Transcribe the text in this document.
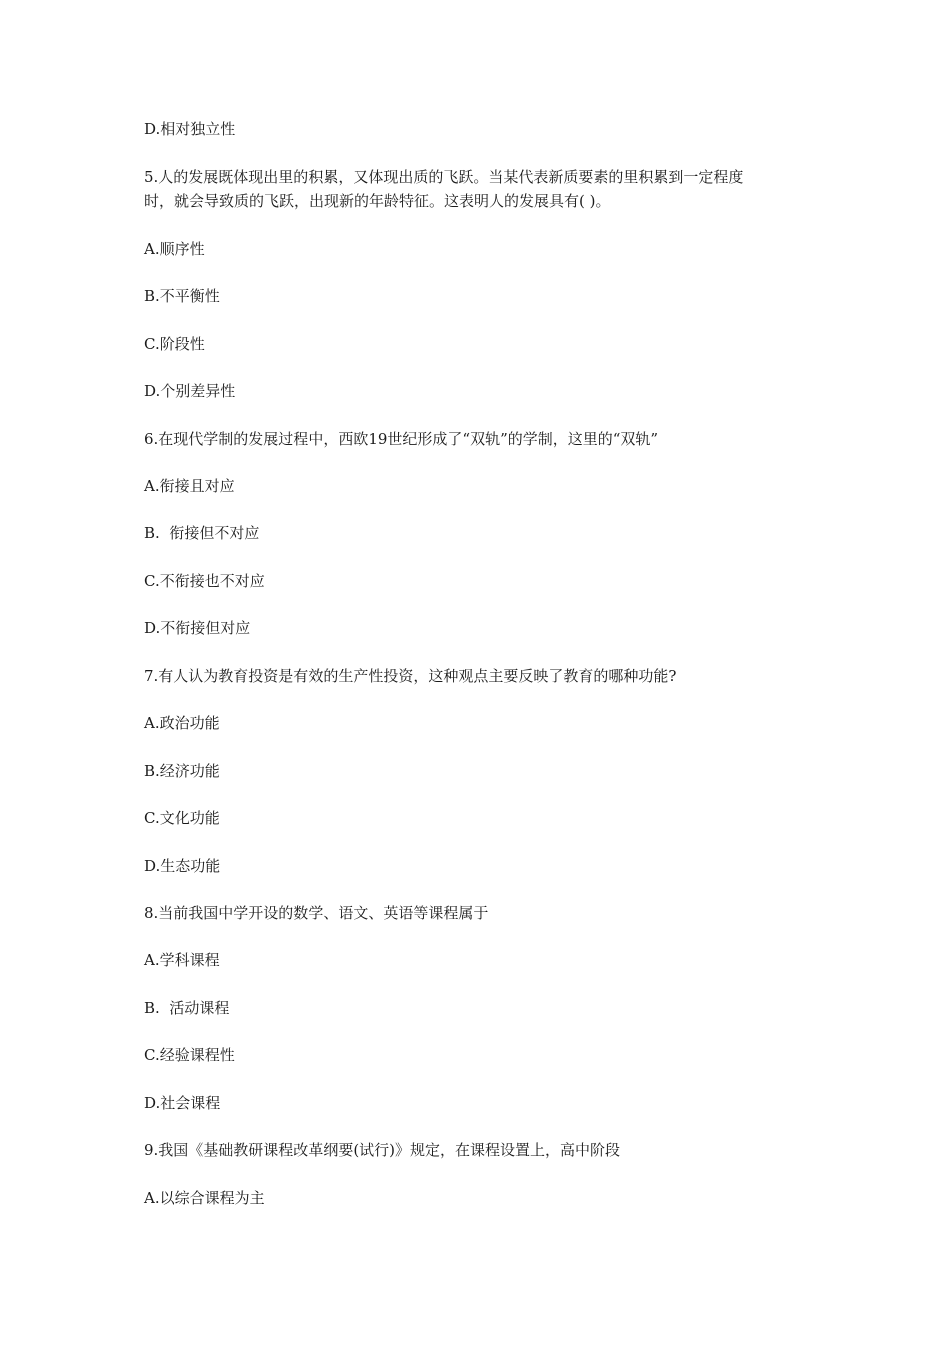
D.相对独立性
5.人的发展既体现出里的积累，又体现出质的飞跃。当某代表新质要素的里积累到一定程度
时，就会导致质的飞跃，出现新的年龄特征。这表明人的发展具有( )。
A.顺序性
B.不平衡性
C.阶段性
D.个别差异性
6.在现代学制的发展过程中，西欧19世纪形成了“双轨”的学制，这里的“双轨”
A.衔接且对应
B.  衔接但不对应
C.不衔接也不对应
D.不衔接但对应
7.有人认为教育投资是有效的生产性投资，这种观点主要反映了教育的哪种功能?
A.政治功能
B.经济功能
C.文化功能
D.生态功能
8.当前我国中学开设的数学、语文、英语等课程属于
A.学科课程
B.  活动课程
C.经验课程性
D.社会课程
9.我国《基础教研课程改革纲要(试行)》规定，在课程设置上，高中阶段
A.以综合课程为主
